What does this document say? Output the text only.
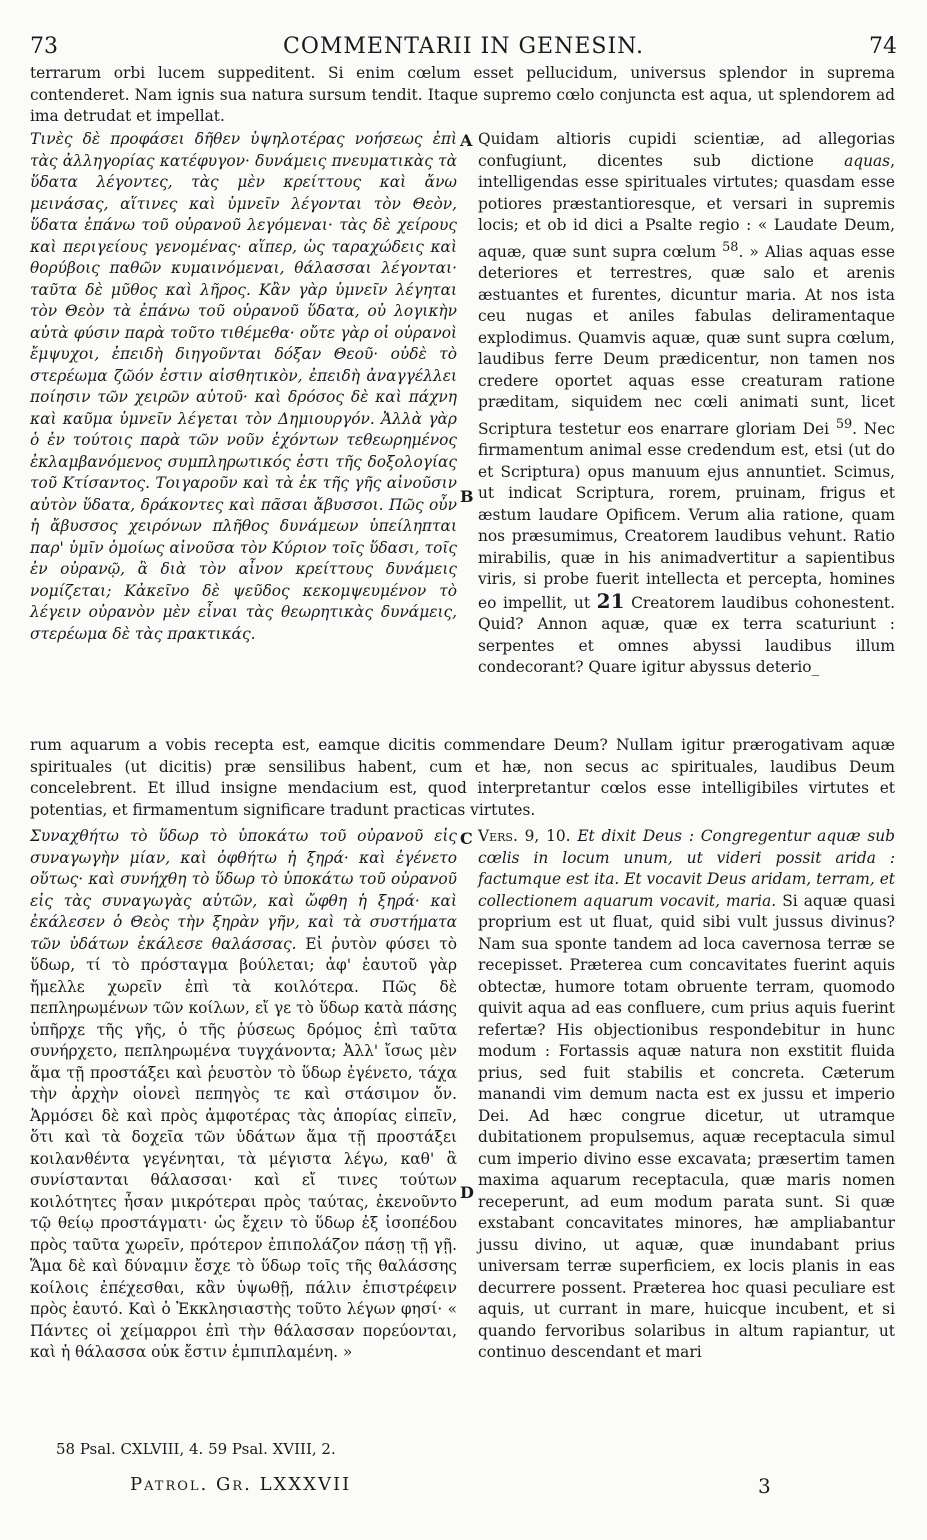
73	COMMENTARII IN GENESIN.	74

terrarum orbi lucem suppeditent. Si enim cœlum esset pellucidum, universus splendor in suprema contenderet. Nam ignis sua natura sursum tendit. Itaque supremo cœlo conjuncta est aqua, ut splendorem ad ima detrudat et impellat.

Τινὲς δὲ προφάσει δῆθεν ὑψηλοτέρας νοήσεως ἐπὶ τὰς ἀλληγορίας κατέφυγον· δυνάμεις πνευματικὰς τὰ ὕδατα λέγοντες, τὰς μὲν κρείττους καὶ ἄνω μεινάσας, αἵτινες καὶ ὑμνεῖν λέγονται τὸν Θεὸν, ὕδατα ἐπάνω τοῦ οὐρανοῦ λεγόμεναι· τὰς δὲ χείρους καὶ περιγείους γενομένας· αἵπερ, ὡς ταραχώδεις καὶ θορύβοις παθῶν κυμαινόμεναι, θάλασσαι λέγονται· ταῦτα δὲ μῦθος καὶ λῆρος. Κἂν γὰρ ὑμνεῖν λέγηται τὸν Θεὸν τὰ ἐπάνω τοῦ οὐρανοῦ ὕδατα, οὐ λογικὴν αὐτὰ φύσιν παρὰ τοῦτο τιθέμεθα· οὔτε γὰρ οἱ οὐρανοὶ ἔμψυχοι, ἐπειδὴ διηγοῦνται δόξαν Θεοῦ· οὐδὲ τὸ στερέωμα ζῶόν ἐστιν αἰσθητικὸν, ἐπειδὴ ἀναγγέλλει ποίησιν τῶν χειρῶν αὐτοῦ· καὶ δρόσος δὲ καὶ πάχνη καὶ καῦμα ὑμνεῖν λέγεται τὸν Δημιουργόν. Ἀλλὰ γὰρ ὁ ἐν τούτοις παρὰ τῶν νοῦν ἐχόντων τεθεωρημένος ἐκλαμβανόμενος συμπληρωτικός ἐστι τῆς δοξολογίας τοῦ Κτίσαντος. Τοιγαροῦν καὶ τὰ ἐκ τῆς γῆς αἰνοῦσιν αὐτὸν ὕδατα, δράκοντες καὶ πᾶσαι ἄβυσσοι. Πῶς οὖν ἡ ἄβυσσος χειρόνων πλῆθος δυνάμεων ὑπείληπται παρ' ὑμῖν ὁμοίως αἰνοῦσα τὸν Κύριον τοῖς ὕδασι, τοῖς ἐν οὐρανῷ, ἃ διὰ τὸν αἶνον κρείττους δυνάμεις νομίζεται; Κἀκεῖνο δὲ ψεῦδος κεκομψευμένον τὸ λέγειν οὐρανὸν μὲν εἶναι τὰς θεωρητικὰς δυνάμεις, στερέωμα δὲ τὰς πρακτικάς.

Quidam altioris cupidi scientiæ, ad allegorias confugiunt, dicentes sub dictione aquas, intelligendas esse spirituales virtutes; quasdam esse potiores præstantioresque, et versari in supremis locis; et ob id dici a Psalte regio : « Laudate Deum, aquæ, quæ sunt supra cœlum $^{58}$. » Alias aquas esse deteriores et terrestres, quæ salo et arenis æstuantes et furentes, dicuntur maria. At nos ista ceu nugas et aniles fabulas deliramentaque explodimus. Quamvis aquæ, quæ sunt supra cœlum, laudibus ferre Deum prædicentur, non tamen nos credere oportet aquas esse creaturam ratione præditam, siquidem nec cœli animati sunt, licet Scriptura testetur eos enarrare gloriam Dei $^{59}$. Nec firmamentum animal esse credendum est, etsi (ut do et Scriptura) opus manuum ejus annuntiet. Scimus, ut indicat Scriptura, rorem, pruinam, frigus et æstum laudare Opificem. Verum alia ratione, quam nos præsumimus, Creatorem laudibus vehunt. Ratio mirabilis, quæ in his animadvertitur a sapientibus viris, si probe fuerit intellecta et percepta, homines eo impellit, ut 21 Creatorem laudibus cohonestent. Quid? Annon aquæ, quæ ex terra scaturiunt : serpentes et omnes abyssi laudibus illum condecorant? Quare igitur abyssus deterio_
A
B
C
D

rum aquarum a vobis recepta est, eamque dicitis commendare Deum? Nullam igitur prærogativam aquæ spirituales (ut dicitis) præ sensilibus habent, cum et hæ, non secus ac spirituales, laudibus Deum concelebrent. Et illud insigne mendacium est, quod interpretantur cœlos esse intelligibiles virtutes et potentias, et firmamentum significare tradunt practicas virtutes.

Συναχθήτω τὸ ὕδωρ τὸ ὑποκάτω τοῦ οὐρανοῦ εἰς συναγωγὴν μίαν, καὶ ὀφθήτω ἡ ξηρά· καὶ ἐγένετο οὕτως· καὶ συνήχθη τὸ ὕδωρ τὸ ὑποκάτω τοῦ οὐρανοῦ εἰς τὰς συναγωγὰς αὐτῶν, καὶ ὤφθη ἡ ξηρά· καὶ ἐκάλεσεν ὁ Θεὸς τὴν ξηρὰν γῆν, καὶ τὰ συστήματα τῶν ὑδάτων ἐκάλεσε θαλάσσας. Εἰ ῥυτὸν φύσει τὸ ὕδωρ, τί τὸ πρόσταγμα βούλεται; ἀφ' ἑαυτοῦ γὰρ ἤμελλε χωρεῖν ἐπὶ τὰ κοιλότερα. Πῶς δὲ πεπληρωμένων τῶν κοίλων, εἴ γε τὸ ὕδωρ κατὰ πάσης ὑπῆρχε τῆς γῆς, ὁ τῆς ῥύσεως δρόμος ἐπὶ ταῦτα συνήρχετο, πεπληρωμένα τυγχάνοντα; Ἀλλ' ἴσως μὲν ἅμα τῇ προστάξει καὶ ῥευστὸν τὸ ὕδωρ ἐγένετο, τάχα τὴν ἀρχὴν οἱονεὶ πεπηγὸς τε καὶ στάσιμον ὄν. Ἁρμόσει δὲ καὶ πρὸς ἀμφοτέρας τὰς ἀπορίας εἰπεῖν, ὅτι καὶ τὰ δοχεῖα τῶν ὑδάτων ἅμα τῇ προστάξει κοιλανθέντα γεγένηται, τὰ μέγιστα λέγω, καθ' ἃ συνίστανται θάλασσαι· καὶ εἴ τινες τούτων κοιλότητες ἦσαν μικρότεραι πρὸς ταύτας, ἐκενοῦντο τῷ θείῳ προστάγματι· ὡς ἔχειν τὸ ὕδωρ ἐξ ἰσοπέδου πρὸς ταῦτα χωρεῖν, πρότερον ἐπιπολάζον πάσῃ τῇ γῇ. Ἅμα δὲ καὶ δύναμιν ἔσχε τὸ ὕδωρ τοῖς τῆς θαλάσσης κοίλοις ἐπέχεσθαι, κἂν ὑψωθῇ, πάλιν ἐπιστρέφειν πρὸς ἑαυτό. Καὶ ὁ Ἐκκλησιαστὴς τοῦτο λέγων φησί· « Πάντες οἱ χείμαρροι ἐπὶ τὴν θάλασσαν πορεύονται, καὶ ἡ θάλασσα οὐκ ἔστιν ἐμπιπλαμένη. »
Vers. 9, 10. Et dixit Deus : Congregentur aquæ sub cœlis in locum unum, ut videri possit arida : factumque est ita. Et vocavit Deus aridam, terram, et collectionem aquarum vocavit, maria. Si aquæ quasi proprium est ut fluat, quid sibi vult jussus divinus? Nam sua sponte tandem ad loca cavernosa terræ se recepisset. Præterea cum concavitates fuerint aquis obtectæ, humore totam obruente terram, quomodo quivit aqua ad eas confluere, cum prius aquis fuerint refertæ? His objectionibus respondebitur in hunc modum : Fortassis aquæ natura non exstitit fluida prius, sed fuit stabilis et concreta. Cæterum manandi vim demum nacta est ex jussu et imperio Dei. Ad hæc congrue dicetur, ut utramque dubitationem propulsemus, aquæ receptacula simul cum imperio divino esse excavata; præsertim tamen maxima aquarum receptacula, quæ maris nomen receperunt, ad eum modum parata sunt. Si quæ exstabant concavitates minores, hæ ampliabantur jussu divino, ut aquæ, quæ inundabant prius universam terræ superficiem, ex locis planis in eas decurrere possent. Præterea hoc quasi peculiare est aquis, ut currant in mare, huicque incubent, et si quando fervoribus solaribus in altum rapiantur, ut continuo descendant et mari
58 Psal. CXLVIII, 4. 59 Psal. XVIII, 2.
Patrol. Gr. LXXXVII	3
